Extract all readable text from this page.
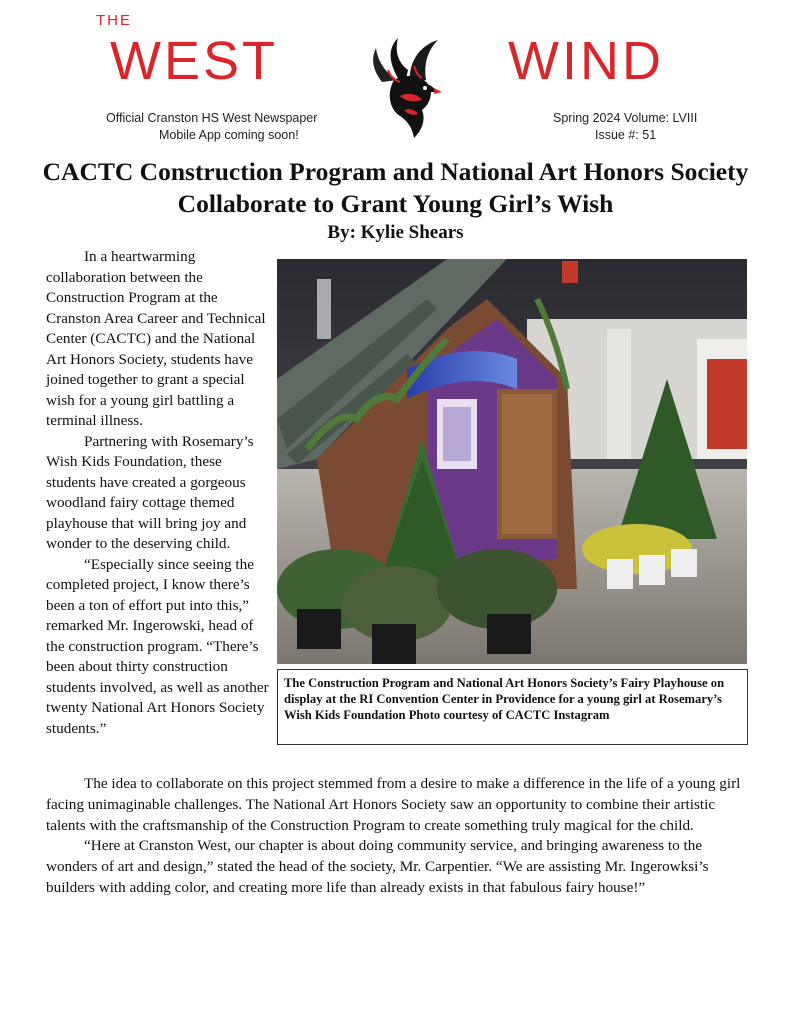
THE
WEST	WIND
Official Cranston HS West Newspaper
Mobile App coming soon!
Spring 2024 Volume: LVIII
Issue #: 51
CACTC Construction Program and National Art Honors Society Collaborate to Grant Young Girl’s Wish
By: Kylie Shears

In a heartwarming collaboration between the Construction Program at the Cranston Area Career and Technical Center (CACTC) and the National Art Honors Society, students have joined together to grant a special wish for a young girl battling a terminal illness.

Partnering with Rosemary’s Wish Kids Foundation, these students have created a gorgeous woodland fairy cottage themed playhouse that will bring joy and wonder to the deserving child.

“Especially since seeing the completed project, I know there’s been a ton of effort put into this,” remarked Mr. Ingerowski, head of the construction program. “There’s been about thirty construction students involved, as well as another twenty National Art Honors Society students.”

The Construction Program and National Art Honors Society’s Fairy Playhouse on display at the RI Convention Center in Providence for a young girl at Rosemary’s Wish Kids Foundation Photo courtesy of CACTC Instagram

The idea to collaborate on this project stemmed from a desire to make a difference in the life of a young girl facing unimaginable challenges. The National Art Honors Society saw an opportunity to combine their artistic talents with the craftsmanship of the Construction Program to create something truly magical for the child.

“Here at Cranston West, our chapter is about doing community service, and bringing awareness to the wonders of art and design,” stated the head of the society, Mr. Carpentier. “We are assisting Mr. Ingerowksi’s builders with adding color, and creating more life than already exists in that fabulous fairy house!”
